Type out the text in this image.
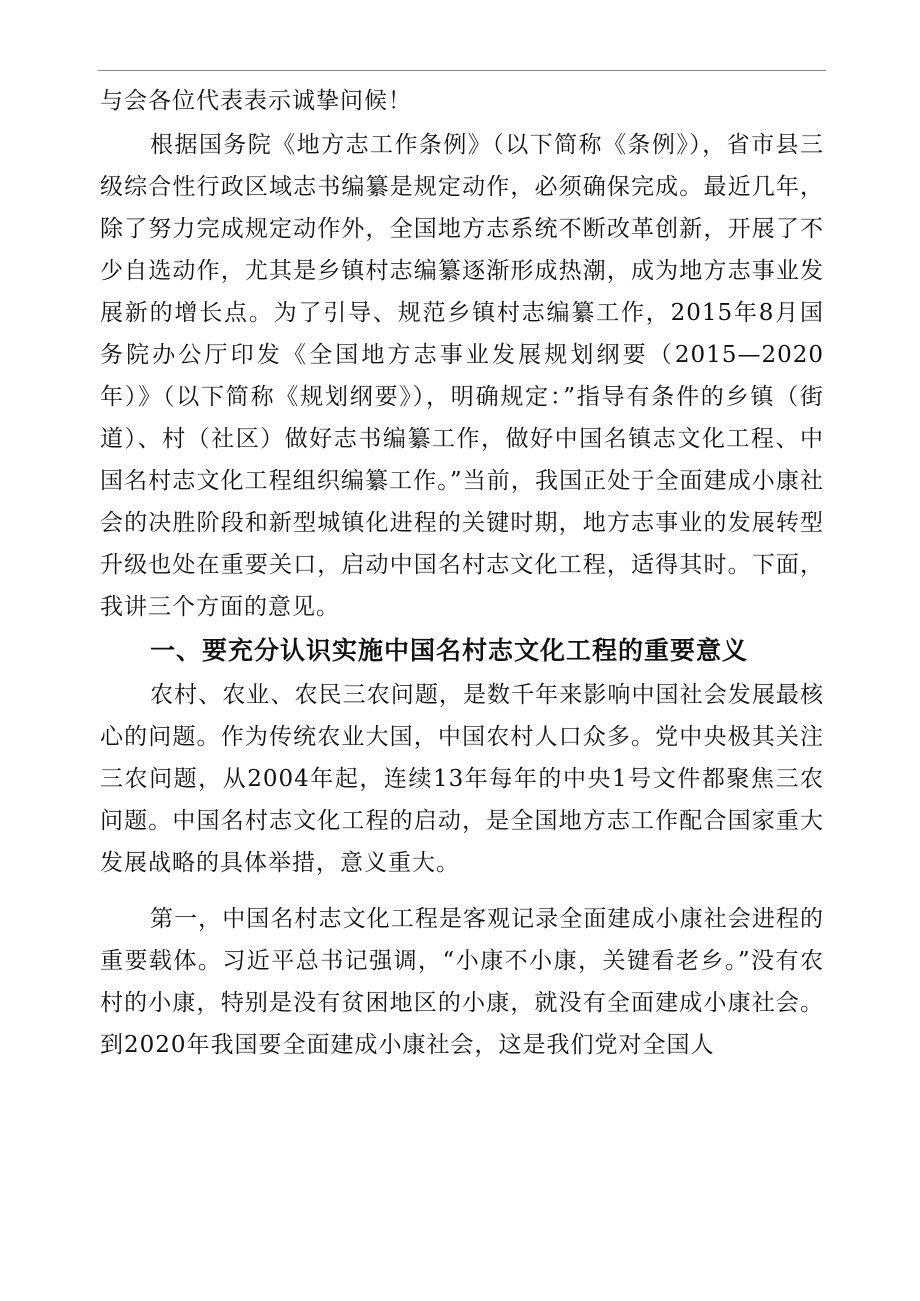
与会各位代表表示诚挚问候！

根据国务院《地方志工作条例》（以下简称《条例》），省市县三级综合性行政区域志书编纂是规定动作，必须确保完成。最近几年，除了努力完成规定动作外，全国地方志系统不断改革创新，开展了不少自选动作，尤其是乡镇村志编纂逐渐形成热潮，成为地方志事业发展新的增长点。为了引导、规范乡镇村志编纂工作，2015年8月国务院办公厅印发《全国地方志事业发展规划纲要（2015—2020年）》（以下简称《规划纲要》），明确规定：”指导有条件的乡镇（街道）、村（社区）做好志书编纂工作，做好中国名镇志文化工程、中国名村志文化工程组织编纂工作。”当前，我国正处于全面建成小康社会的决胜阶段和新型城镇化进程的关键时期，地方志事业的发展转型升级也处在重要关口，启动中国名村志文化工程，适得其时。下面，我讲三个方面的意见。

一、要充分认识实施中国名村志文化工程的重要意义

农村、农业、农民三农问题，是数千年来影响中国社会发展最核心的问题。作为传统农业大国，中国农村人口众多。党中央极其关注三农问题，从2004年起，连续13年每年的中央1号文件都聚焦三农问题。中国名村志文化工程的启动，是全国地方志工作配合国家重大发展战略的具体举措，意义重大。

第一，中国名村志文化工程是客观记录全面建成小康社会进程的重要载体。习近平总书记强调，“小康不小康，关键看老乡。”没有农村的小康，特别是没有贫困地区的小康，就没有全面建成小康社会。到2020年我国要全面建成小康社会，这是我们党对全国人
